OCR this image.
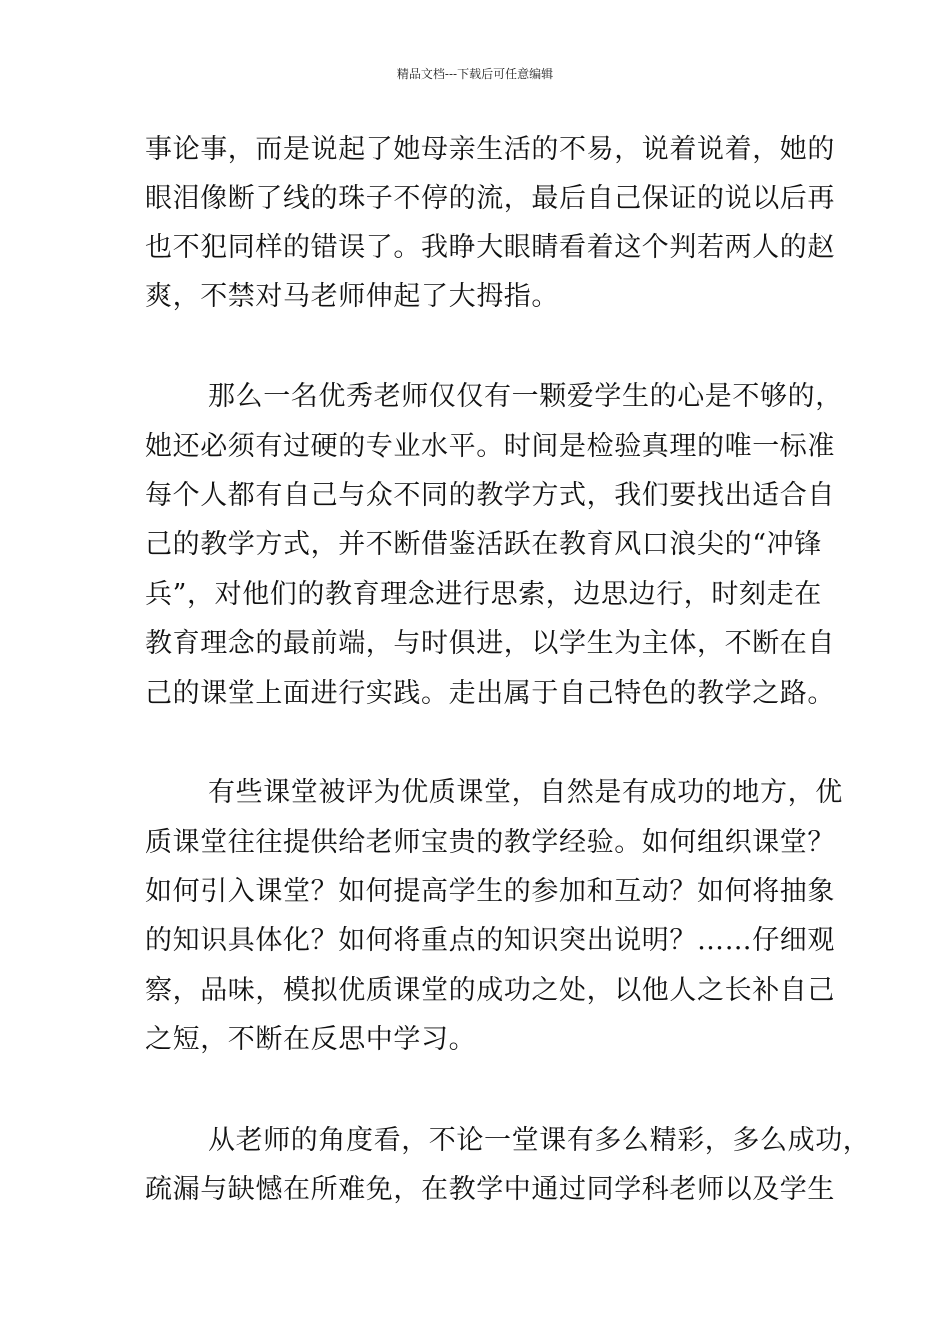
精品文档---下载后可任意编辑
事论事，而是说起了她母亲生活的不易，说着说着，她的
眼泪像断了线的珠子不停的流，最后自己保证的说以后再
也不犯同样的错误了。我睁大眼睛看着这个判若两人的赵
爽，不禁对马老师伸起了大拇指。
那么一名优秀老师仅仅有一颗爱学生的心是不够的，
她还必须有过硬的专业水平。时间是检验真理的唯一标准
每个人都有自己与众不同的教学方式，我们要找出适合自
己的教学方式，并不断借鉴活跃在教育风口浪尖的“冲锋
兵”，对他们的教育理念进行思索，边思边行，时刻走在
教育理念的最前端，与时俱进，以学生为主体，不断在自
己的课堂上面进行实践。走出属于自己特色的教学之路。
有些课堂被评为优质课堂，自然是有成功的地方，优
质课堂往往提供给老师宝贵的教学经验。如何组织课堂？
如何引入课堂？如何提高学生的参加和互动？如何将抽象
的知识具体化？如何将重点的知识突出说明？……仔细观
察，品味，模拟优质课堂的成功之处，以他人之长补自己
之短，不断在反思中学习。
从老师的角度看，不论一堂课有多么精彩，多么成功，
疏漏与缺憾在所难免，在教学中通过同学科老师以及学生
